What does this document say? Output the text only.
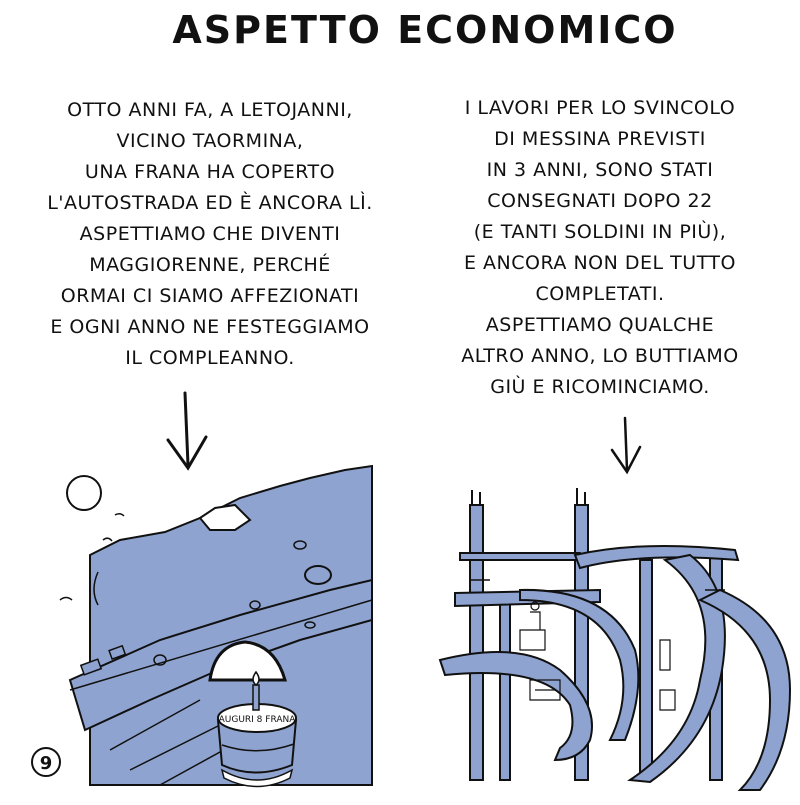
ASPETTO ECONOMICO
OTTO ANNI FA, A LETOJANNI,
VICINO TAORMINA,
UNA FRANA HA COPERTO
L'AUTOSTRADA ED È ANCORA LÌ.
ASPETTIAMO CHE DIVENTI
MAGGIORENNE, PERCHÉ
ORMAI CI SIAMO AFFEZIONATI
E OGNI ANNO NE FESTEGGIAMO
IL COMPLEANNO.
I LAVORI PER LO SVINCOLO
DI MESSINA PREVISTI
IN 3 ANNI, SONO STATI
CONSEGNATI DOPO 22
(E TANTI SOLDINI IN PIÙ),
E ANCORA NON DEL TUTTO
COMPLETATI.
ASPETTIAMO QUALCHE
ALTRO ANNO, LO BUTTIAMO
GIÙ E RICOMINCIAMO.
AUGURI 8 FRANA
9
